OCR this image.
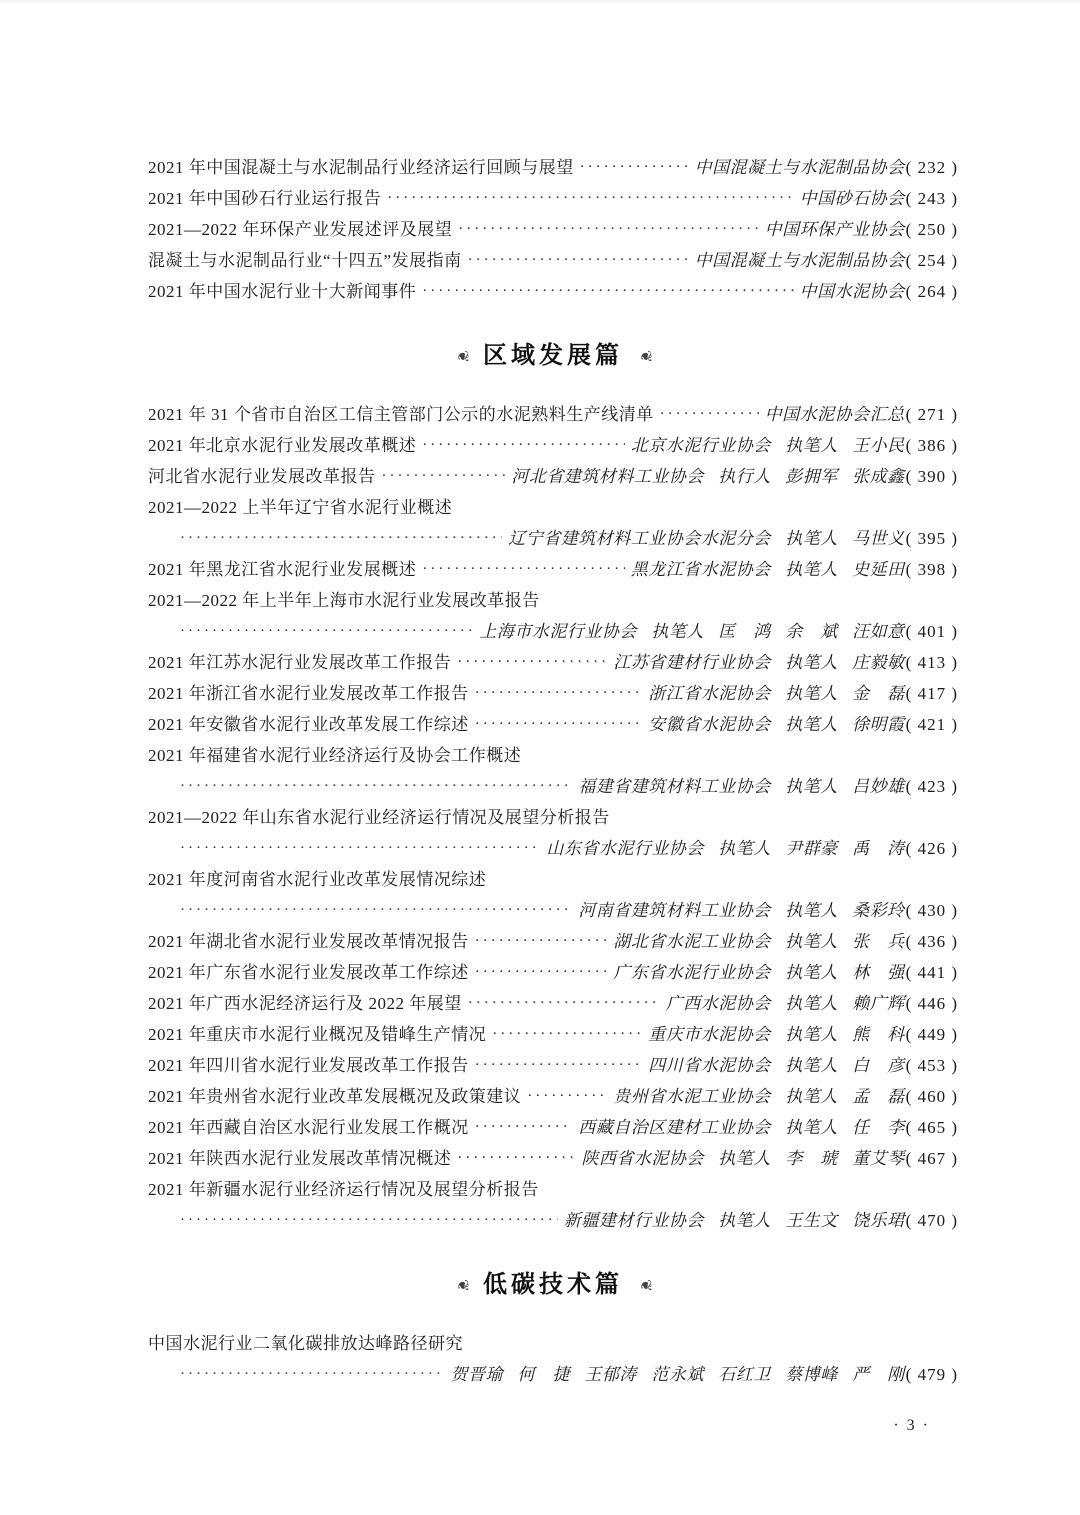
2021 年中国混凝土与水泥制品行业经济运行回顾与展望 ·····	中国混凝土与水泥制品协会( 232 )
2021 年中国砂石行业运行报告 ·····	中国砂石协会( 243 )
2021—2022 年环保产业发展述评及展望 ·····	中国环保产业协会( 250 )
混凝土与水泥制品行业“十四五”发展指南 ·····	中国混凝土与水泥制品协会( 254 )
2021 年中国水泥行业十大新闻事件 ·····	中国水泥协会( 264 )
❦ 区域发展篇 ❦
2021 年 31 个省市自治区工信主管部门公示的水泥熟料生产线清单 ·····	中国水泥协会汇总( 271 )
2021 年北京水泥行业发展改革概述 ·····	北京水泥行业协会 执笔人 王小民( 386 )
河北省水泥行业发展改革报告 ·····	河北省建筑材料工业协会 执行人 彭拥军 张成鑫( 390 )
2021—2022 上半年辽宁省水泥行业概述
·····
辽宁省建筑材料工业协会水泥分会 执笔人 马世义( 395 )
2021 年黑龙江省水泥行业发展概述 ·····	黑龙江省水泥协会 执笔人 史延田( 398 )
2021—2022 年上半年上海市水泥行业发展改革报告
·····
上海市水泥行业协会 执笔人 匡　鸿 余　斌 汪如意( 401 )
2021 年江苏水泥行业发展改革工作报告 ·····	江苏省建材行业协会 执笔人 庄毅敏( 413 )
2021 年浙江省水泥行业发展改革工作报告 ·····	浙江省水泥协会 执笔人 金　磊( 417 )
2021 年安徽省水泥行业改革发展工作综述 ·····	安徽省水泥协会 执笔人 徐明霞( 421 )
2021 年福建省水泥行业经济运行及协会工作概述
·····
福建省建筑材料工业协会 执笔人 吕妙雄( 423 )
2021—2022 年山东省水泥行业经济运行情况及展望分析报告
·····
山东省水泥行业协会 执笔人 尹群豪 禹　涛( 426 )
2021 年度河南省水泥行业改革发展情况综述
·····
河南省建筑材料工业协会 执笔人 桑彩玲( 430 )
2021 年湖北省水泥行业发展改革情况报告 ·····	湖北省水泥工业协会 执笔人 张　兵( 436 )
2021 年广东省水泥行业发展改革工作综述 ·····	广东省水泥行业协会 执笔人 林　强( 441 )
2021 年广西水泥经济运行及 2022 年展望 ·····	广西水泥协会 执笔人 赖广辉( 446 )
2021 年重庆市水泥行业概况及错峰生产情况 ·····	重庆市水泥协会 执笔人 熊　科( 449 )
2021 年四川省水泥行业发展改革工作报告 ·····	四川省水泥协会 执笔人 白　彦( 453 )
2021 年贵州省水泥行业改革发展概况及政策建议 ·····	贵州省水泥工业协会 执笔人 孟　磊( 460 )
2021 年西藏自治区水泥行业发展工作概况 ·····	西藏自治区建材工业协会 执笔人 任　李( 465 )
2021 年陕西水泥行业发展改革情况概述 ·····	陕西省水泥协会 执笔人 李　琥 董艾琴( 467 )
2021 年新疆水泥行业经济运行情况及展望分析报告
·····
新疆建材行业协会 执笔人 王生文 饶乐珺( 470 )
❦ 低碳技术篇 ❦
中国水泥行业二氧化碳排放达峰路径研究
·····
贺晋瑜 何　捷 王郁涛 范永斌 石红卫 蔡博峰 严　刚( 479 )
· 3 ·
